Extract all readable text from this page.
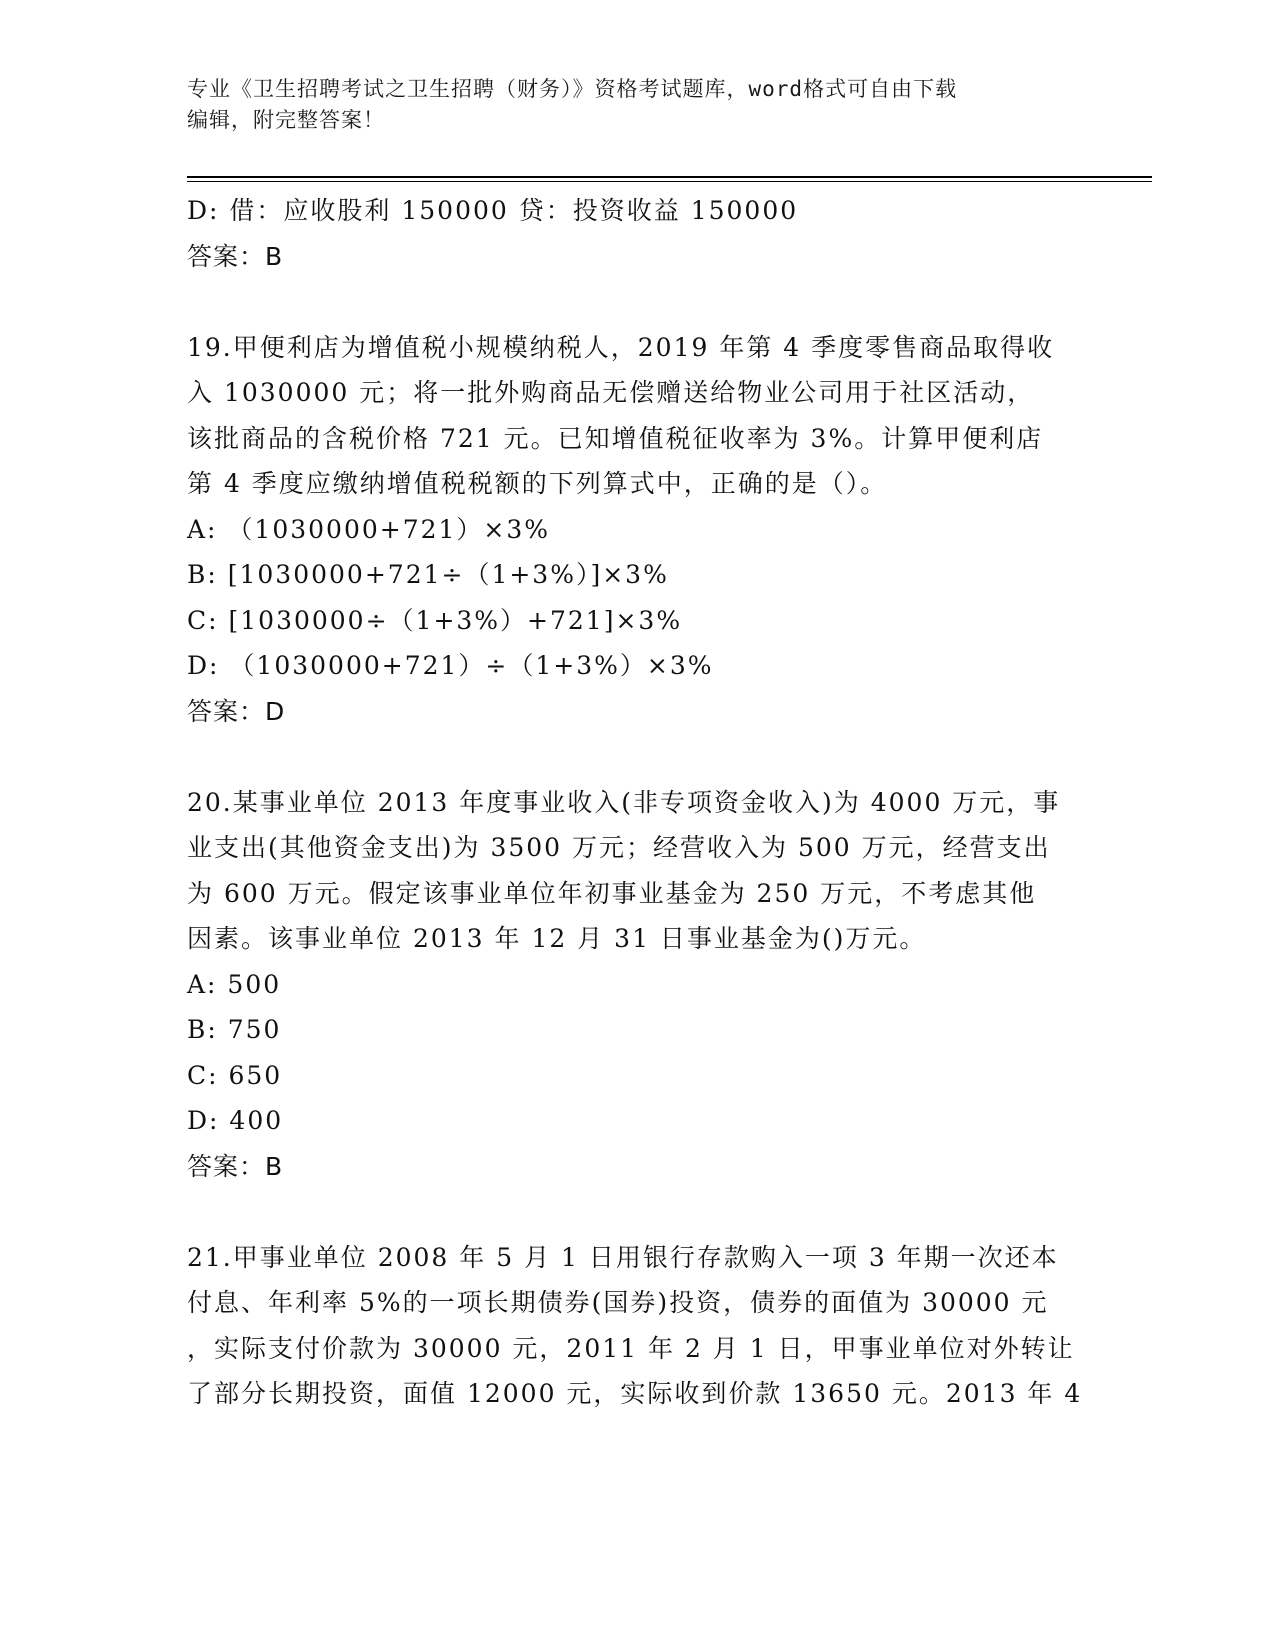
专业《卫生招聘考试之卫生招聘（财务）》资格考试题库，word格式可自由下载
编辑，附完整答案！
D: 借：应收股利 150000 贷：投资收益 150000
答案：B
19.甲便利店为增值税小规模纳税人，2019 年第 4 季度零售商品取得收
入 1030000 元；将一批外购商品无偿赠送给物业公司用于社区活动，
该批商品的含税价格 721 元。已知增值税征收率为 3%。计算甲便利店
第 4 季度应缴纳增值税税额的下列算式中，正确的是（）。
A: （1030000+721）×3%
B: [1030000+721÷（1+3%）]×3%
C: [1030000÷（1+3%）+721]×3%
D: （1030000+721）÷（1+3%）×3%
答案：D
20.某事业单位 2013 年度事业收入(非专项资金收入)为 4000 万元，事
业支出(其他资金支出)为 3500 万元；经营收入为 500 万元，经营支出
为 600 万元。假定该事业单位年初事业基金为 250 万元，不考虑其他
因素。该事业单位 2013 年 12 月 31 日事业基金为()万元。
A: 500
B: 750
C: 650
D: 400
答案：B
21.甲事业单位 2008 年 5 月 1 日用银行存款购入一项 3 年期一次还本
付息、年利率 5%的一项长期债券(国券)投资，债券的面值为 30000 元
，实际支付价款为 30000 元，2011 年 2 月 1 日，甲事业单位对外转让
了部分长期投资，面值 12000 元，实际收到价款 13650 元。2013 年 4
